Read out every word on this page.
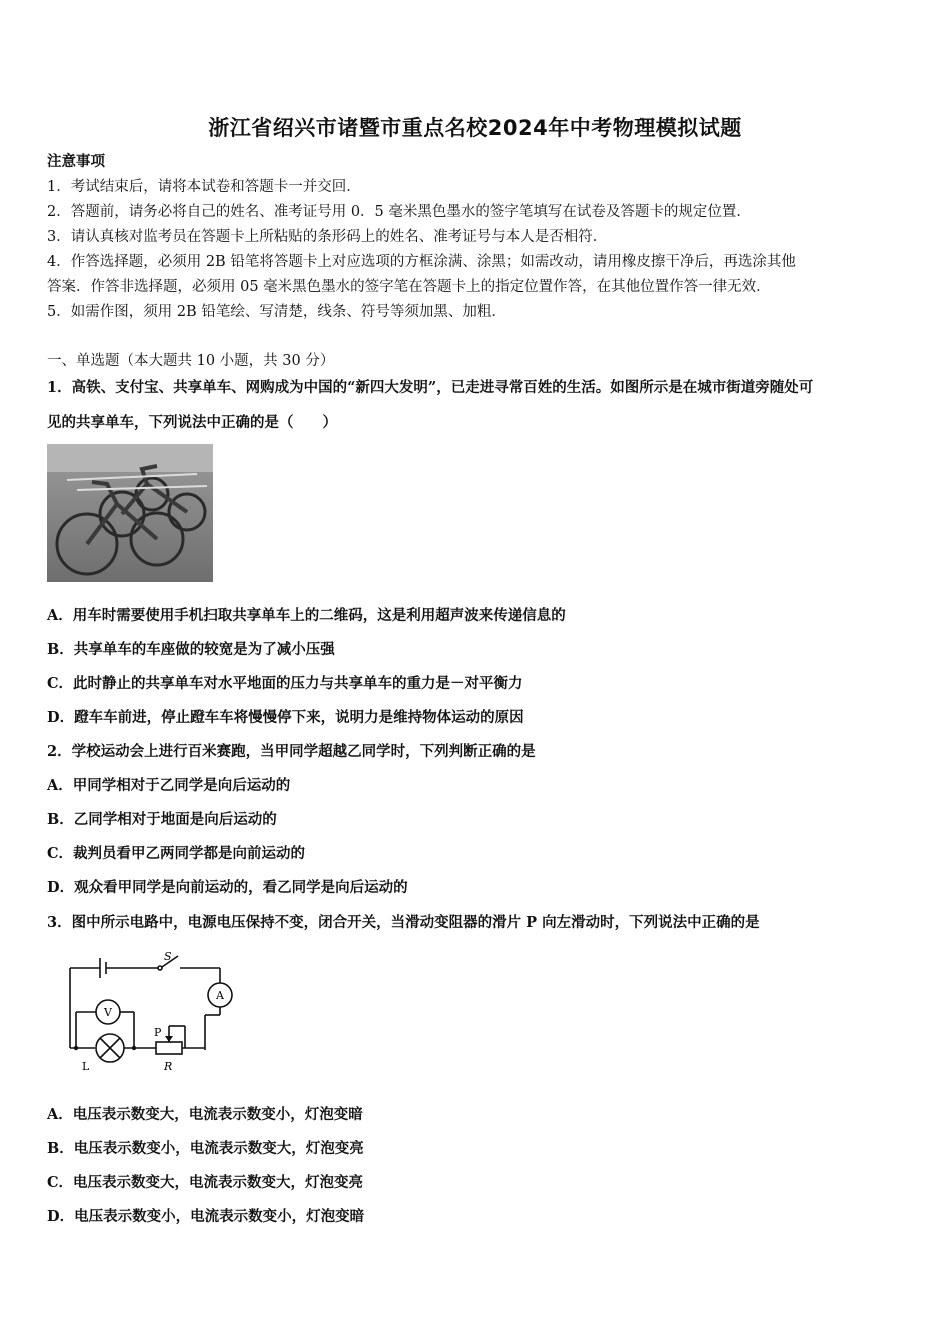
浙江省绍兴市诸暨市重点名校2024年中考物理模拟试题
注意事项
1．考试结束后，请将本试卷和答题卡一并交回．
2．答题前，请务必将自己的姓名、准考证号用 0．5 毫米黑色墨水的签字笔填写在试卷及答题卡的规定位置．
3．请认真核对监考员在答题卡上所粘贴的条形码上的姓名、准考证号与本人是否相符．
4．作答选择题，必须用 2B 铅笔将答题卡上对应选项的方框涂满、涂黑；如需改动，请用橡皮擦干净后，再选涂其他
答案．作答非选择题，必须用 05 毫米黑色墨水的签字笔在答题卡上的指定位置作答，在其他位置作答一律无效．
5．如需作图，须用 2B 铅笔绘、写清楚，线条、符号等须加黑、加粗．
一、单选题（本大题共 10 小题，共 30 分）
1．高铁、支付宝、共享单车、网购成为中国的“新四大发明”，已走进寻常百姓的生活。如图所示是在城市街道旁随处可
见的共享单车，下列说法中正确的是（　　）
A．用车时需要使用手机扫取共享单车上的二维码，这是利用超声波来传递信息的
B．共享单车的车座做的较宽是为了减小压强
C．此时静止的共享单车对水平地面的压力与共享单车的重力是－对平衡力
D．蹬车车前进，停止蹬车车将慢慢停下来，说明力是维持物体运动的原因
2．学校运动会上进行百米赛跑，当甲同学超越乙同学时，下列判断正确的是
A．甲同学相对于乙同学是向后运动的
B．乙同学相对于地面是向后运动的
C．裁判员看甲乙两同学都是向前运动的
D．观众看甲同学是向前运动的，看乙同学是向后运动的
3．图中所示电路中，电源电压保持不变，闭合开关，当滑动变阻器的滑片 P 向左滑动时，下列说法中正确的是
S
A
V
P
L	R
A．电压表示数变大，电流表示数变小，灯泡变暗
B．电压表示数变小，电流表示数变大，灯泡变亮
C．电压表示数变大，电流表示数变大，灯泡变亮
D．电压表示数变小，电流表示数变小，灯泡变暗
